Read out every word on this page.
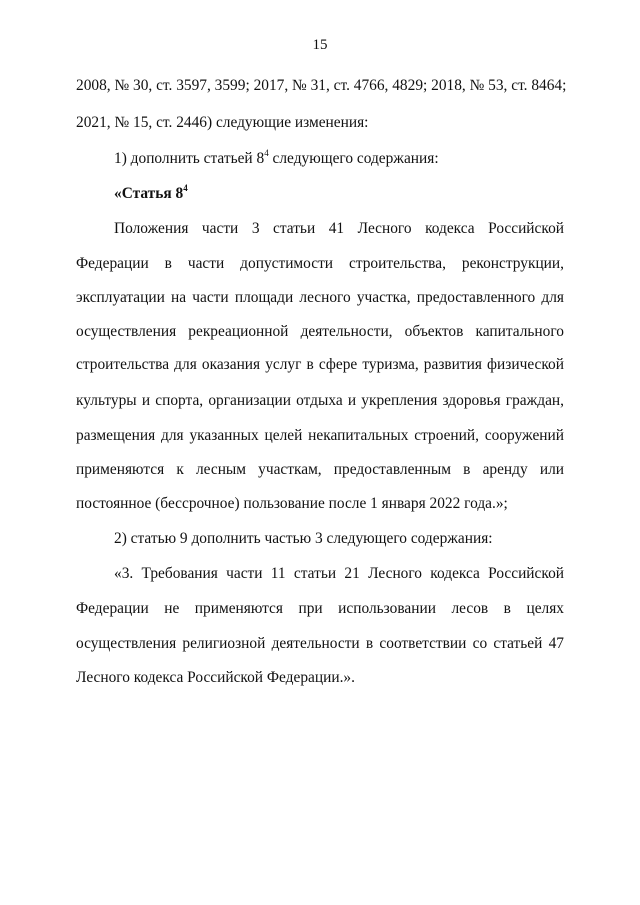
15
2008, № 30, ст. 3597, 3599; 2017, № 31, ст. 4766, 4829; 2018, № 53, ст. 8464;
2021, № 15, ст. 2446) следующие изменения:
1) дополнить статьей $8^4$ следующего содержания:
«Статья $8^4$
Положения части 3 статьи 41 Лесного кодекса Российской
Федерации в части допустимости строительства, реконструкции,
эксплуатации на части площади лесного участка, предоставленного для
осуществления рекреационной деятельности, объектов капитального
строительства для оказания услуг в сфере туризма, развития физической
культуры и спорта, организации отдыха и укрепления здоровья граждан,
размещения для указанных целей некапитальных строений, сооружений
применяются к лесным участкам, предоставленным в аренду или
постоянное (бессрочное) пользование после 1 января 2022 года.»;
2) статью 9 дополнить частью 3 следующего содержания:
«3. Требования части 11 статьи 21 Лесного кодекса Российской
Федерации не применяются при использовании лесов в целях
осуществления религиозной деятельности в соответствии со статьей 47
Лесного кодекса Российской Федерации.».
